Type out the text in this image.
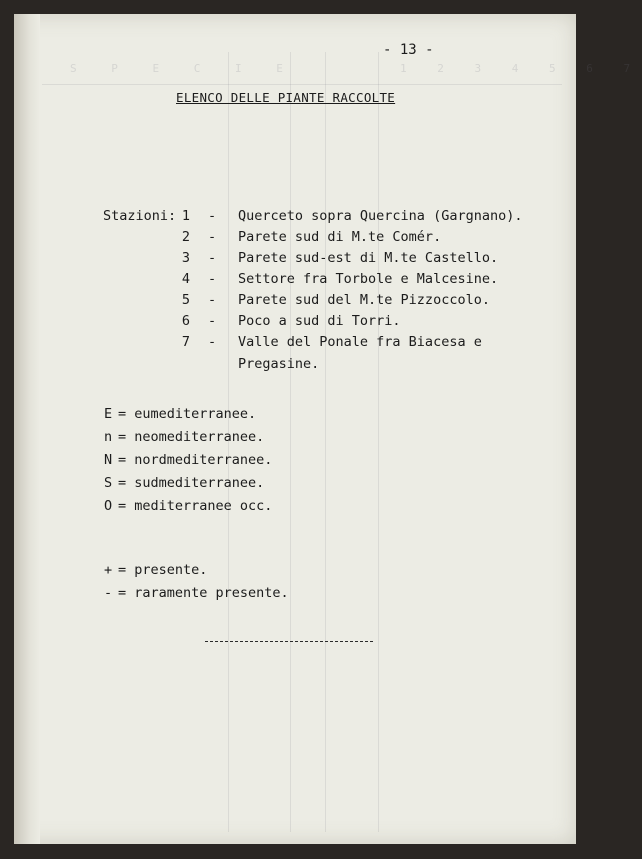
S P E C I E	1 2 3 4 5 6 7
- 13 -
ELENCO DELLE PIANTE RACCOLTE
Stazioni: 1 - Querceto sopra Quercina (Gargnano).
2 - Parete sud di M.te Comér.
3 - Parete sud-est di M.te Castello.
4 - Settore fra Torbole e Malcesine.
5 - Parete sud del M.te Pizzoccolo.
6 - Poco a sud di Torri.
7 - Valle del Ponale fra Biacesa e
Pregasine.
E = eumediterranee.
n = neomediterranee.
N = nordmediterranee.
S = sudmediterranee.
O = mediterranee occ.
+ = presente.
- = raramente presente.
